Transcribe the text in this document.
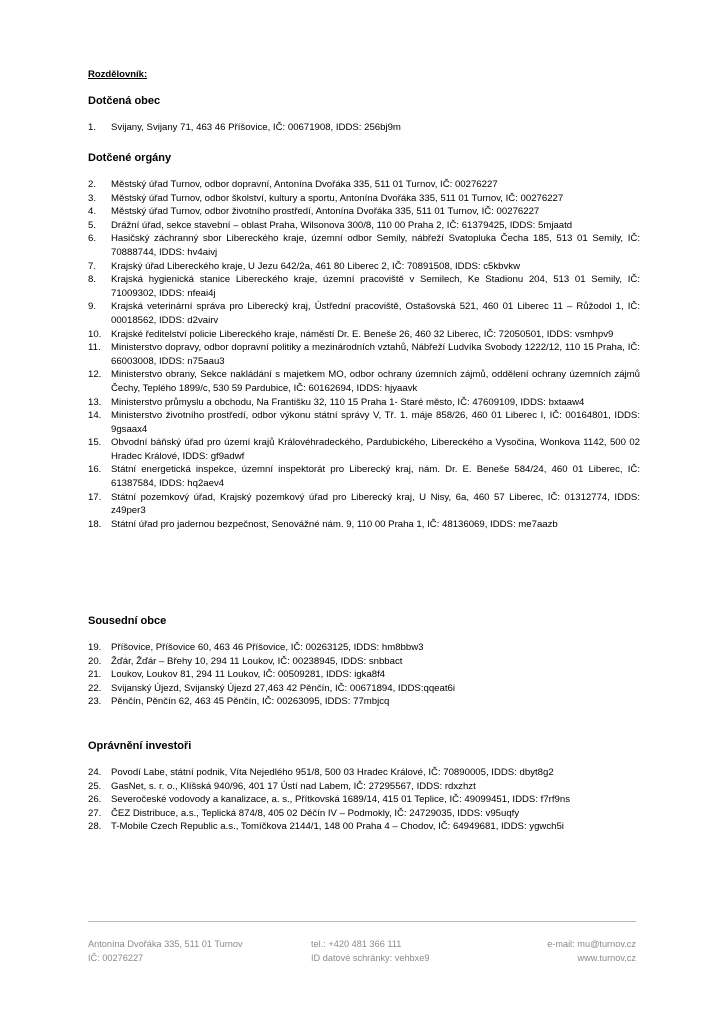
Rozdělovník:
Dotčená obec
1. Svijany, Svijany 71, 463 46 Příšovice, IČ: 00671908, IDDS: 256bj9m
Dotčené orgány
2. Městský úřad Turnov, odbor dopravní, Antonína Dvořáka 335, 511 01 Turnov, IČ: 00276227
3. Městský úřad Turnov, odbor školství, kultury a sportu, Antonína Dvořáka 335, 511 01 Turnov, IČ: 00276227
4. Městský úřad Turnov, odbor životního prostředí, Antonína Dvořáka 335, 511 01 Turnov, IČ: 00276227
5. Drážní úřad, sekce stavební – oblast Praha, Wilsonova 300/8, 110 00 Praha 2, IČ: 61379425, IDDS: 5mjaatd
6. Hasičský záchranný sbor Libereckého kraje, územní odbor Semily, nábřeží Svatopluka Čecha 185, 513 01 Semily, IČ: 70888744, IDDS: hv4aivj
7. Krajský úřad Libereckého kraje, U Jezu 642/2a, 461 80 Liberec 2, IČ: 70891508, IDDS: c5kbvkw
8. Krajská hygienická stanice Libereckého kraje, územní pracoviště v Semilech, Ke Stadionu 204, 513 01 Semily, IČ: 71009302, IDDS: nfeai4j
9. Krajská veterinární správa pro Liberecký kraj, Ústřední pracoviště, Ostašovská 521, 460 01 Liberec 11 – Růžodol 1, IČ: 00018562, IDDS: d2vairv
10. Krajské ředitelství policie Libereckého kraje, náměstí Dr. E. Beneše 26, 460 32 Liberec, IČ: 72050501, IDDS: vsmhpv9
11. Ministerstvo dopravy, odbor dopravní politiky a mezinárodních vztahů, Nábřeží Ludvíka Svobody 1222/12, 110 15 Praha, IČ: 66003008, IDDS: n75aau3
12. Ministerstvo obrany, Sekce nakládání s majetkem MO, odbor ochrany územních zájmů, oddělení ochrany územních zájmů Čechy, Teplého 1899/c, 530 59 Pardubice, IČ: 60162694, IDDS: hjyaavk
13. Ministerstvo průmyslu a obchodu, Na Františku 32, 110 15 Praha 1- Staré město, IČ: 47609109, IDDS: bxtaaw4
14. Ministerstvo životního prostředí, odbor výkonu státní správy V, Tř. 1. máje 858/26, 460 01 Liberec I, IČ: 00164801, IDDS: 9gsaax4
15. Obvodní báňský úřad pro území krajů Královéhradeckého, Pardubického, Libereckého a Vysočina, Wonkova 1142, 500 02 Hradec Králové, IDDS: gf9adwf
16. Státní energetická inspekce, územní inspektorát pro Liberecký kraj, nám. Dr. E. Beneše 584/24, 460 01 Liberec, IČ: 61387584, IDDS: hq2aev4
17. Státní pozemkový úřad, Krajský pozemkový úřad pro Liberecký kraj, U Nisy, 6a, 460 57 Liberec, IČ: 01312774, IDDS: z49per3
18. Státní úřad pro jadernou bezpečnost, Senovážné nám. 9, 110 00 Praha 1, IČ: 48136069, IDDS: me7aazb
Sousední obce
19. Příšovice, Příšovice 60, 463 46 Příšovice, IČ: 00263125, IDDS: hm8bbw3
20. Žďár, Žďár – Břehy 10, 294 11 Loukov, IČ: 00238945, IDDS: snbbact
21. Loukov, Loukov 81, 294 11 Loukov, IČ: 00509281, IDDS: igka8f4
22. Svijanský Újezd, Svijanský Újezd 27,463 42 Pěnčín, IČ: 00671894, IDDS:qqeat6i
23. Pěnčín, Pěnčín 62, 463 45 Pěnčín, IČ: 00263095, IDDS: 77mbjcq
Oprávnění investoři
24. Povodí Labe, státní podnik, Víta Nejedlého 951/8, 500 03 Hradec Králové, IČ: 70890005, IDDS: dbyt8g2
25. GasNet, s. r. o., Klíšská 940/96, 401 17 Ústí nad Labem, IČ: 27295567, IDDS: rdxzhzt
26. Severočeské vodovody a kanalizace, a. s., Přítkovská 1689/14, 415 01 Teplice, IČ: 49099451, IDDS: f7rf9ns
27. ČEZ Distribuce, a.s., Teplická 874/8, 405 02 Děčín IV – Podmokly, IČ: 24729035, IDDS: v95uqfy
28. T-Mobile Czech Republic a.s., Tomíčkova 2144/1, 148 00 Praha 4 – Chodov, IČ: 64949681, IDDS: ygwch5i
Antonína Dvořáka 335, 511 01 Turnov
IČ: 00276227
tel.: +420 481 366 111
ID datové schránky: vehbxe9
e-mail: mu@turnov.cz
www.turnov.cz
